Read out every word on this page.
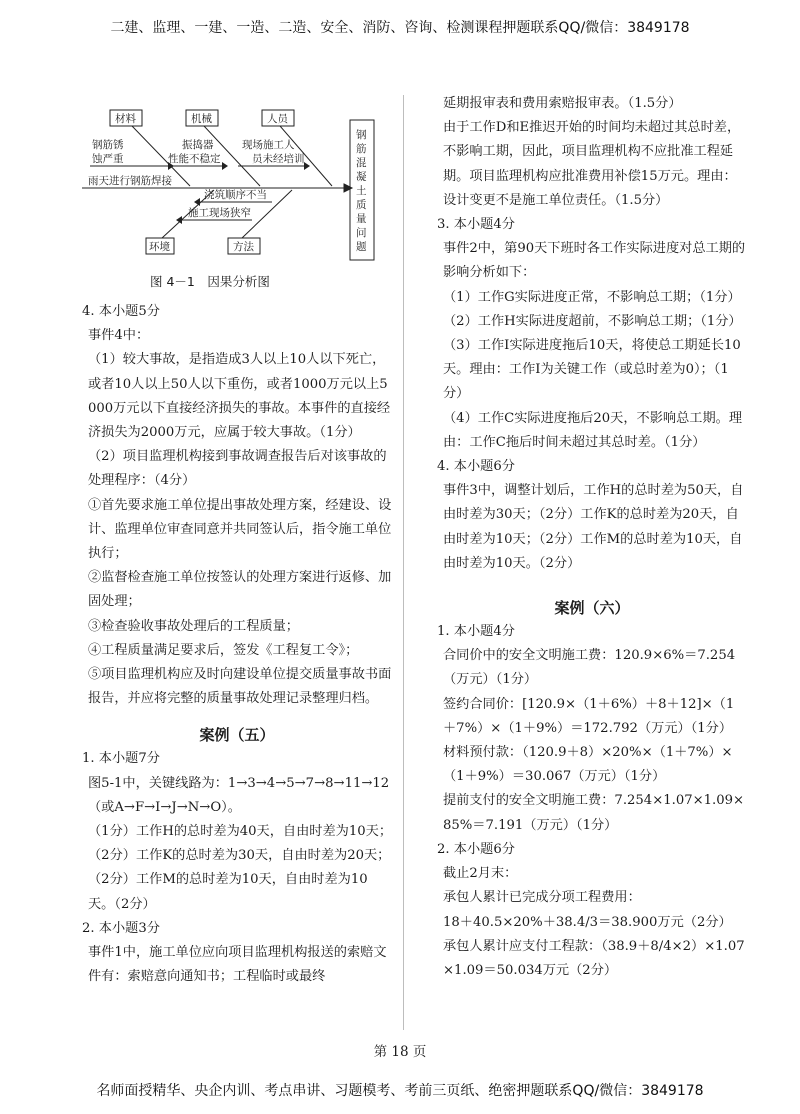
二建、监理、一建、一造、二造、安全、消防、咨询、检测课程押题联系QQ/微信：3849178
材料	机械	人员
环境	方法
钢筋锈
蚀严重
振捣器
性能不稳定
现场施工人
员未经培训
雨天进行钢筋焊接
浇筑顺序不当
施工现场狭窄
钢
筋
混
凝
土
质
量
问
题
图 4－1　因果分析图

4. 本小题5分

事件4中：

（1）较大事故，是指造成3人以上10人以下死亡，或者10人以上50人以下重伤，或者1000万元以上5000万元以下直接经济损失的事故。本事件的直接经济损失为2000万元，应属于较大事故。（1分）

（2）项目监理机构接到事故调查报告后对该事故的处理程序：（4分）

①首先要求施工单位提出事故处理方案，经建设、设计、监理单位审查同意并共同签认后，指令施工单位执行；

②监督检查施工单位按签认的处理方案进行返修、加固处理；

③检查验收事故处理后的工程质量；

④工程质量满足要求后，签发《工程复工令》；

⑤项目监理机构应及时向建设单位提交质量事故书面报告，并应将完整的质量事故处理记录整理归档。

案例（五）

1. 本小题7分

图5-1中，关键线路为：1→3→4→5→7→8→11→12（或A→F→I→J→N→O）。

（1分）工作H的总时差为40天，自由时差为10天；（2分）工作K的总时差为30天，自由时差为20天；（2分）工作M的总时差为10天，自由时差为10天。（2分）

2. 本小题3分

事件1中，施工单位应向项目监理机构报送的索赔文件有：索赔意向通知书；工程临时或最终

延期报审表和费用索赔报审表。（1.5分）

由于工作D和E推迟开始的时间均未超过其总时差，不影响工期，因此，项目监理机构不应批准工程延期。项目监理机构应批准费用补偿15万元。理由：设计变更不是施工单位责任。（1.5分）

3. 本小题4分

事件2中，第90天下班时各工作实际进度对总工期的影响分析如下：

（1）工作G实际进度正常，不影响总工期；（1分）

（2）工作H实际进度超前，不影响总工期；（1分）

（3）工作I实际进度拖后10天，将使总工期延长10天。理由：工作I为关键工作（或总时差为0）；（1分）

（4）工作C实际进度拖后20天，不影响总工期。理由：工作C拖后时间未超过其总时差。（1分）

4. 本小题6分

事件3中，调整计划后，工作H的总时差为50天，自由时差为30天；（2分）工作K的总时差为20天，自由时差为10天；（2分）工作M的总时差为10天，自由时差为10天。（2分）

案例（六）

1. 本小题4分

合同价中的安全文明施工费：120.9×6%＝7.254（万元）（1分）

签约合同价：[120.9×（1＋6%）＋8＋12]×（1＋7%）×（1＋9%）＝172.792（万元）（1分）

材料预付款：（120.9＋8）×20%×（1＋7%）×（1＋9%）＝30.067（万元）（1分）

提前支付的安全文明施工费：7.254×1.07×1.09×85%＝7.191（万元）（1分）

2. 本小题6分

截止2月末：

承包人累计已完成分项工程费用：

18＋40.5×20%＋38.4/3＝38.900万元（2分）

承包人累计应支付工程款：（38.9＋8/4×2）×1.07×1.09＝50.034万元（2分）

第 18 页
名师面授精华、央企内训、考点串讲、习题模考、考前三页纸、绝密押题联系QQ/微信：3849178
